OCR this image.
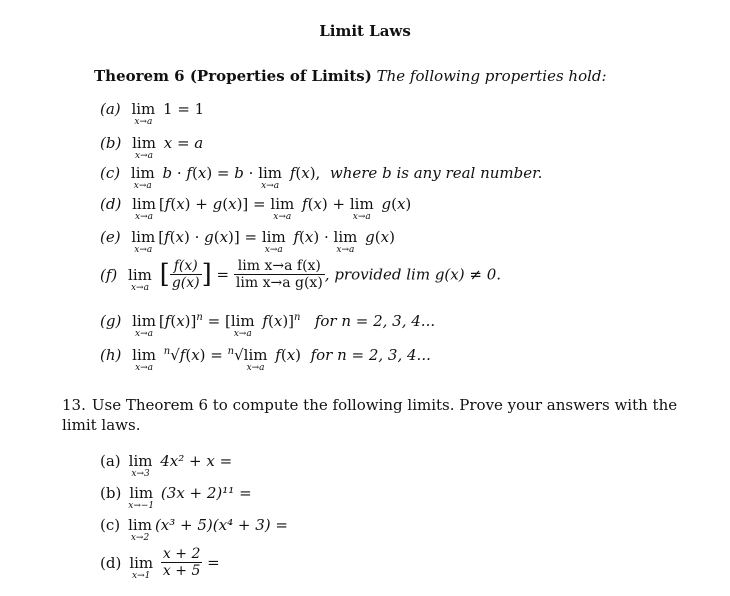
Limit Laws
Theorem 6 (Properties of Limits) The following properties hold:
(a) lim
x→a
1 = 1
(b) lim
x→a
x = a
(c) lim
x→a
b · f(x) = b · lim
x→a
f(x),  where b is any real number.
(d) lim
x→a
[f(x) + g(x)] = lim
x→a
f(x) + lim
x→a
g(x)
(e) lim
x→a
[f(x) · g(x)] = lim
x→a
f(x) · lim
x→a
g(x)
(f) lim
x→a [ $\frac{f(x)}{g(x)}$ ] = $\frac{\text{lim x→a f(x)}}{\text{lim x→a g(x)}}$ , provided lim g(x) ≠ 0.
(g) lim
x→a
$[f(x)]^n = [\lim$
x→a
f(x)]$^n$ for n = 2, 3, 4...
(h) lim
x→a
$^n$√f(x) = $^n$√lim
x→a
f(x)  for n = 2, 3, 4...
13. Use Theorem 6 to compute the following limits. Prove your answers with the limit laws.
(a) lim
x→3
4x² + x =
(b) lim
x→−1
(3x + 2)¹¹ =
(c) lim
x→2
(x³ + 5)(x⁴ + 3) =
(d) lim
x→1
$\frac{x + 2}{x + 5}$ =
